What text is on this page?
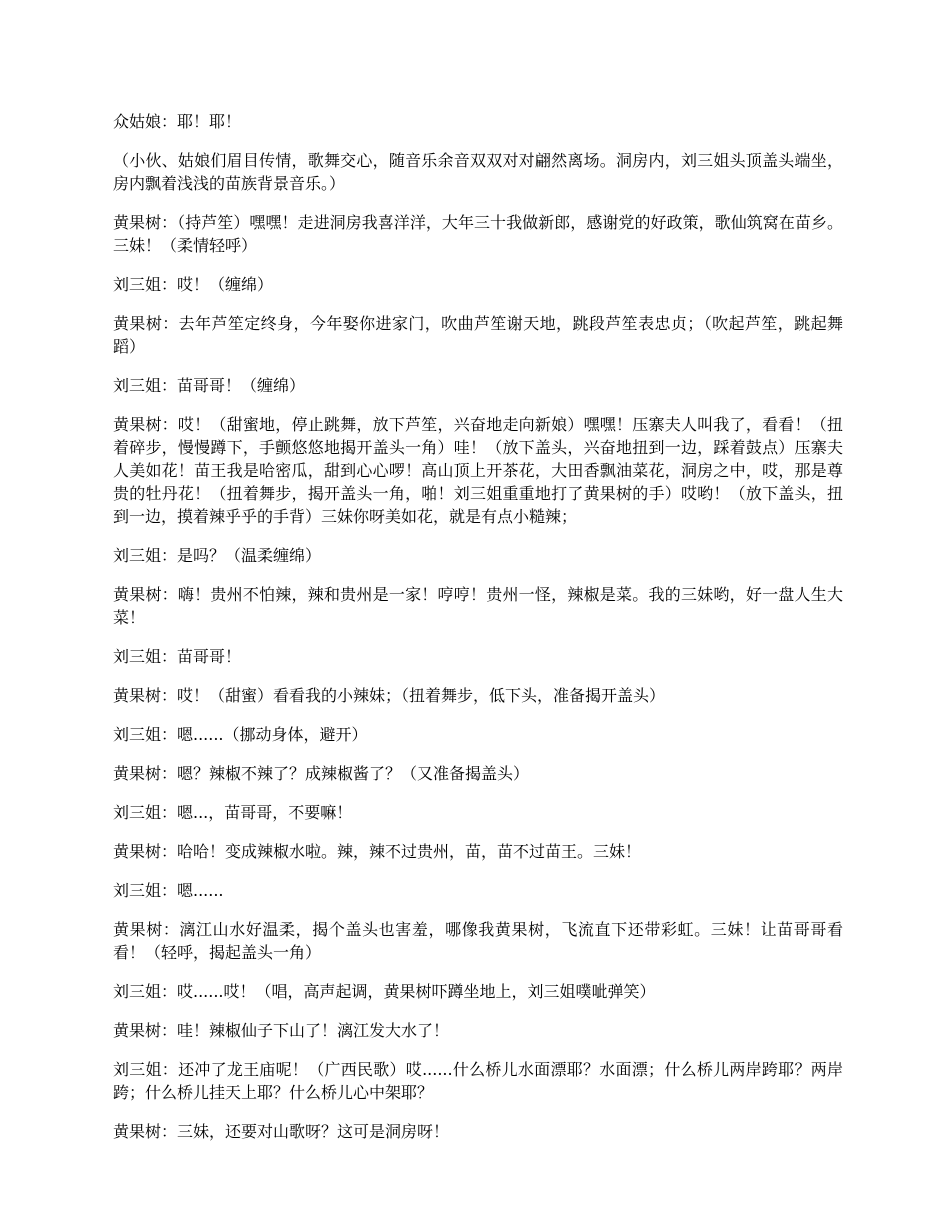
众姑娘：耶！耶！

（小伙、姑娘们眉目传情，歌舞交心，随音乐余音双双对对翩然离场。洞房内，刘三姐头顶盖头端坐，房内飘着浅浅的苗族背景音乐。）

黄果树：（持芦笙）嘿嘿！走进洞房我喜洋洋，大年三十我做新郎，感谢党的好政策，歌仙筑窝在苗乡。三妹！（柔情轻呼）

刘三姐：哎！（缠绵）

黄果树：去年芦笙定终身，今年娶你进家门，吹曲芦笙谢天地，跳段芦笙表忠贞；（吹起芦笙，跳起舞蹈）

刘三姐：苗哥哥！（缠绵）

黄果树：哎！（甜蜜地，停止跳舞，放下芦笙，兴奋地走向新娘）嘿嘿！压寨夫人叫我了，看看！（扭着碎步，慢慢蹲下，手颤悠悠地揭开盖头一角）哇！（放下盖头，兴奋地扭到一边，踩着鼓点）压寨夫人美如花！苗王我是哈密瓜，甜到心心啰！高山顶上开茶花，大田香飘油菜花，洞房之中，哎，那是尊贵的牡丹花！（扭着舞步，揭开盖头一角，啪！刘三姐重重地打了黄果树的手）哎哟！（放下盖头，扭到一边，摸着辣乎乎的手背）三妹你呀美如花，就是有点小糙辣；

刘三姐：是吗？（温柔缠绵）

黄果树：嗨！贵州不怕辣，辣和贵州是一家！哼哼！贵州一怪，辣椒是菜。我的三妹哟，好一盘人生大菜！

刘三姐：苗哥哥！

黄果树：哎！（甜蜜）看看我的小辣妹；（扭着舞步，低下头，准备揭开盖头）

刘三姐：嗯......（挪动身体，避开）

黄果树：嗯？辣椒不辣了？成辣椒酱了？（又准备揭盖头）

刘三姐：嗯...，苗哥哥，不要嘛！

黄果树：哈哈！变成辣椒水啦。辣，辣不过贵州，苗，苗不过苗王。三妹！

刘三姐：嗯......

黄果树：漓江山水好温柔，揭个盖头也害羞，哪像我黄果树，飞流直下还带彩虹。三妹！让苗哥哥看看！（轻呼，揭起盖头一角）

刘三姐：哎......哎！（唱，高声起调，黄果树吓蹲坐地上，刘三姐噗呲弹笑）

黄果树：哇！辣椒仙子下山了！漓江发大水了！

刘三姐：还冲了龙王庙呢！（广西民歌）哎......什么桥儿水面漂耶？水面漂；什么桥儿两岸跨耶？两岸跨；什么桥儿挂天上耶？什么桥儿心中架耶？

黄果树：三妹，还要对山歌呀？这可是洞房呀！
